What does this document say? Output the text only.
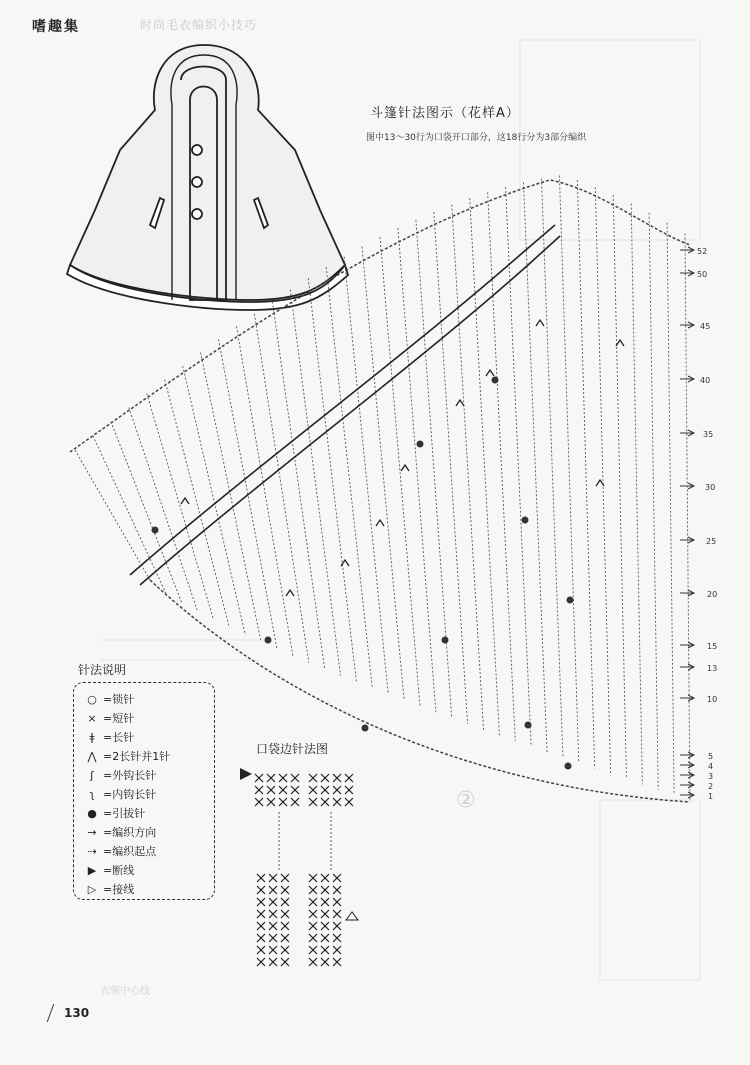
嗜趣集	时尚毛衣编织小技巧
斗篷针法图示（花样A）
图中13～30行为口袋开口部分，这18行分为3部分编织
52
50
45
40
35
30
25
20
15
13
10
5
4
3
2
1
针法说明
○ =锁针
× =短针
ǂ =长针
⋀ =2长针并1针
ʃ =外钩长针
ʅ =内钩长针
● =引拔针
→ =编织方向
⇢ =编织起点
▶ =断线
▷ =接线
口袋边针法图
②
衣领中心线
130
